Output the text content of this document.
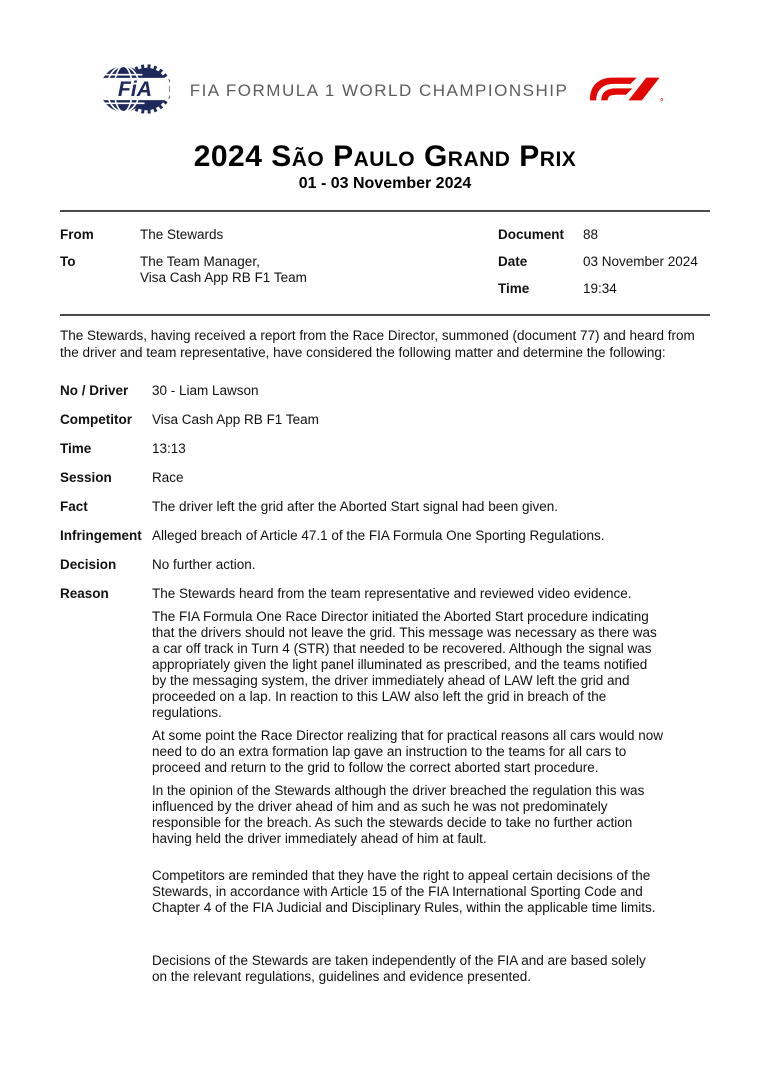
FiA	FIA FORMULA 1 WORLD CHAMPIONSHIP
2024 São Paulo Grand Prix
01 - 03 November 2024
From	The Stewards
To	The Team Manager,
Visa Cash App RB F1 Team
Document	88
Date	03 November 2024
Time	19:34

The Stewards, having received a report from the Race Director, summoned (document 77) and heard from the driver and team representative, have considered the following matter and determine the following:

No / Driver	30 - Liam Lawson
Competitor	Visa Cash App RB F1 Team
Time	13:13
Session	Race
Fact	The driver left the grid after the Aborted Start signal had been given.
Infringement Alleged breach of Article 47.1 of the FIA Formula One Sporting Regulations.
Decision	No further action.
Reason	The Stewards heard from the team representative and reviewed video evidence.

The FIA Formula One Race Director initiated the Aborted Start procedure indicating that the drivers should not leave the grid. This message was necessary as there was a car off track in Turn 4 (STR) that needed to be recovered. Although the signal was appropriately given the light panel illuminated as prescribed, and the teams notified by the messaging system, the driver immediately ahead of LAW left the grid and proceeded on a lap. In reaction to this LAW also left the grid in breach of the regulations.

At some point the Race Director realizing that for practical reasons all cars would now need to do an extra formation lap gave an instruction to the teams for all cars to proceed and return to the grid to follow the correct aborted start procedure.

In the opinion of the Stewards although the driver breached the regulation this was influenced by the driver ahead of him and as such he was not predominately responsible for the breach. As such the stewards decide to take no further action having held the driver immediately ahead of him at fault.

Competitors are reminded that they have the right to appeal certain decisions of the Stewards, in accordance with Article 15 of the FIA International Sporting Code and Chapter 4 of the FIA Judicial and Disciplinary Rules, within the applicable time limits.

Decisions of the Stewards are taken independently of the FIA and are based solely on the relevant regulations, guidelines and evidence presented.
